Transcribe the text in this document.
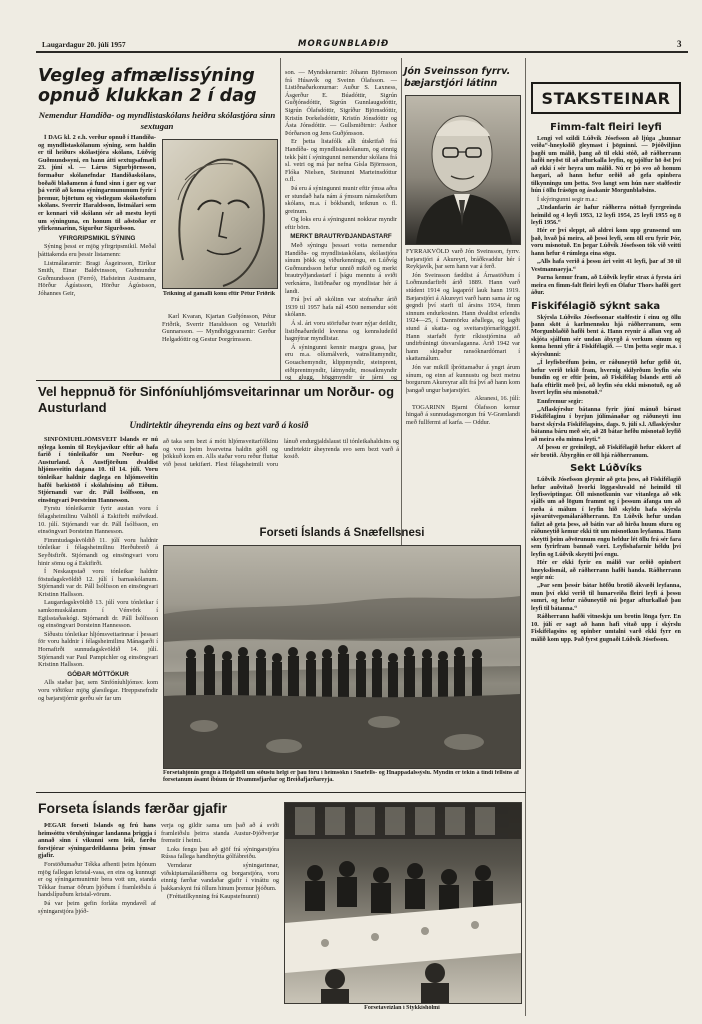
Laugardagur 20. júlí 1957	MORGUNBLAÐIÐ	3
Vegleg afmælissýning opnuð klukkan 2 í dag
Nemendur Handíða- og myndlistaskólans heiðra skólastjóra sinn sextugan

Í DAG kl. 2 e.h. verður opnuð í Handíða- og myndlistaskólanum sýning, sem haldin er til heiðurs skólastjóra skólans, Lúðvíg Guðmundssyni, en hann átti sextugsafmæli 23. júní sl. — Lárus Sigurbjörnsson, formaður skólanefndar Handíðaskólans, boðaði blaðamenn á fund sinn í gær og var þá verið að koma sýningarmununum fyrir í þremur, björtum og vistlegum skólastofum skólans. Sverrir Haraldsson, listmálari sem er kennari við skólann sér að mestu leyti um sýninguna, en honum til aðstoðar er yfirkennarinn, Sigurður Sigurðsson.

YFIRGRIPSMIKIL SÝNING

Sýning þessi er mjög yfirgripsmikil. Meðal þátttakenda eru þessir listamenn:

Listmálararnir: Bragi Ásgeirsson, Eiríkur Smith, Einar Baldvinsson, Guðmundur Guðmundsson (Ferró), Hafsteinn Austmann, Hörður Ágústsson, Hörður Ágústsson, Jóhannes Geir,	Teikning af gamalli konu eftir Pétur Friðrik

Karl Kvaran, Kjartan Guðjónsson, Pétur Friðrik, Sverrir Haraldsson og Veturliði Gunnarsson. — Myndhöggvararnir: Gerður Helgadóttir og Gestur Þorgrímsson.

son. — Myndskerarnir: Jóhann Björnsson frá Húsavík og Sveinn Ólafsson. — Listiðnaðarkonurnar: Auður S. Laxness, Ásgerður E. Búadóttir, Sigrún Guðjónsdóttir, Sigrún Gunnlaugsdóttir, Sigrún Ólafsdóttir, Sigríður Björnsdóttir, Kristín Þorkelsdóttir, Kristín Jónsdóttir og Ásta Jónsdóttir. — Gullsmiðirnir: Ásthor Þórðarson og Jens Guðjónsson.

Er þetta listafólk allt útskrifað frá Handíða- og myndlistaskólanum, og einnig tekk þátt í sýningunni nemendur skólans frá sl. vetri og má þar nefna Gísla Björnsson, Flóka Nielsen, Steinunni Marteinsdóttur o.fl.

Þá eru á sýningunni munir eftir ýmsa aðra er stundað hafa nám á ýmsum námskeiðum skólans, m.a. í bókbandi, teiknun o. fl. greinum.

Og loks eru á sýningunni nokkrar myndir eftir börn.

MERKT BRAUTRYÐJANDASTARF

Með sýningu þessari votta nemendur Handíða- og myndlistaskólans, skólastjóra sínum þökk og viðurkenningu, en Lúðvíg Guðmundsson hefur unnið mikið og merkt brautryðjandastarf í þágu menntu á sviði verknáms, listiðnaðar og myndlistar hér á landi.

Frá því að skólinn var stofnaður árið 1939 til 1957 hafa nál 4500 nemendur sótt skólann.

Á sl. ári voru störfuðar tvær nýjar deildir, listiðnaðardeild kvenna og kennsludeild hagnýtrar myndlistar.

Á sýningunni kennir margra grasa, þar eru m.a. olíumálverk, vatnslitamyndir, Gouachemyndir, klippmyndir, steinprent, eiðiprentmyndir, látmyndir, mosaikmyndir og glugg, höggmyndir úr járni og

Jón Sveinsson fyrrv. bæjarstjóri látinn

FYRRAKVÖLD varð Jón Sveinsson, fyrrv. bæjarstjóri á Akureyri, bráðkvaddur hér í Reykjavík, þar sem hann var á ferð.

Jón Sveinsson fæddist á Árnastöðum í Loðmundarfirði árið 1889. Hann varð stúdent 1914 og lagapróf lauk hann 1919. Bæjarstjóri á Akureyri varð hann sama ár og gegndi því starfi til ársins 1934, fimm sinnum endurkosinn. Hann dvaldist erlendis 1924—25, í Danmörku aðallega, og lagði stund á skatta- og sveitarstjórnarlöggjöf. Hann starfaði fyrir ríkisstjórnina að undirbúningi útsvarslaganna. Árið 1942 var hann skipaður ransóknardómari í skattamálum.

Jón var mikill íþróttamaður á yngri árum sínum, og einn af kunnustu og bezt metnu borgurum Akureyrar allt frá því að hann kom þangað ungur bæjarstjóri.

Akranesi, 16. júlí:

TOGARINN Bjarni Ólafsson kemur hingað á sunnudagsmorgun frá V-Grænlandi með fullfermi af karfa. — Oddur.

Vel heppnuð för Sinfóníuhljómsveitarinnar um Norður- og Austurland
Undirtektir áheyrenda eins og bezt varð á kosið

SINFÓNÍUHLJÓMSVEIT Íslands er nú nýlega komin til Reykjavíkur eftir að hafa farið í tónleikaför um Norður- og Austurland. Á Austfjörðum dvaldist hljómsveitin dagana 10. til 14. júlí. Voru tónleikar haldnir daglega en hljómsveitin hafði bækistöð í skólahúsinu að Eiðum. Stjórnandi var dr. Páll Ísólfsson, en einsöngvari Þorsteinn Hannesson.

Fyrstu tónleikarnir fyrir austan voru í félagsheimilinu Valhöll á Eskifirði miðvikud. 10. júlí. Stjórnandi var dr. Páll Ísólfsson, en einsöngvari Þorsteinn Hannesson.

Fimmtudagskvöldið 11. júlí voru haldnir tónleikar í félagsheimilinu Herðubreið á Seyðisfirði. Stjórnandi og einsöngvari voru hinir sömu og á Eskifirði.

Í Neskaupstað voru tónleikar haldnir föstudagskvöldið 12. júlí í barnaskólanum. Stjórnandi var dr. Páll Ísólfsson en einsöngvari Kristinn Hallsson.

Laugardagskvöldið 13. júlí voru tónleikar í samkomuskálanum í Vénvörk í Egilsstaðaskógi. Stjórnandi dr. Páll Ísólfsson og einsöngvari Þorsteinn Hannesson.

Síðustu tónleikar hljómsveitarinnar í þessari för voru haldnir í félagsheimilinu Mánagarði í Hornafirði sunnudagskvöldið 14. júlí. Stjórnandi var Paul Pampichler og einsöngvari Kristinn Hallsson.

GÓÐAR MÓTTÖKUR

Alls staðar þar, sem Sinfóníuhljómsv. kom voru viðtökur mjög glæsilegar. Hreppsnefndir og bæjarstjórnir gerðu sér far um

að taka sem bezt á móti hljómsveitarfólkinu og voru þeim hvarvetna haldin góðl og þökkuð kom en. Alls staðar voru reður fluttar við þessi tækifæri. Flest félagsheimili voru lánuð endurgjaldslaust til tónleikahaldsins og undirtektir áheyrenda svo sem bezt varð á kosið.

Forseti Íslands á Snæfellsnesi
Forsetahjónin gengu á Helgafell um síðustu helgi er þau fóru í heimsókn í Snæfells- og Hnappadalssýslu. Myndin er tekin á tindi fellsins af forsetanum ásamt íbúum úr Hvammsfjarðar og Breiðafjarðareyja.
Forseta Íslands færðar gjafir

ÞEGAR forseti Íslands og frú hans heimsóttu vöruhýningar landanna þriggja í annað sinn í vikunni sem leið, færðu forstjórar sýningardeildanna þeim ýmsar gjafir.

Forstöðumaður Tékka afhenti þeim hjónum mjög fallegan kristal-vasa, en eins og kunnugt er og sýningarmunirnir bera vott um, standa Tékkar framar öðrum þjóðum í framleiðslu á handslípuðum kristal-vörum.

Þá var þeim gefin forláta myndavél af sýningarstjóra þjóð-

verja og gildir sama um það að á sviði framleiðslu þeirra standa Austur-Þjóðverjar fremstir í heimi.

Loks fengu þau að gjöf frá sýningarstjóra Rússa fallega handhnýtta gólfábreiðu.

Verndarar sýningarinnar, viðskiptamálaráðherra og borgarstjóra, voru einnig færðar vandaðar gjafir í vináttu og þakkarskyni frá öllum hinum þremur þjóðum.

(Fréttatilkynning frá Kaupstefnunni)

Forsetaveizlan í Stykkishólmi
STAKSTEINAR
Fimm-falt fleiri leyfi

Lengi vel szildi Lúðvík Jósefsson að ljúga „hunnar veiða“-hneykslið gleymast í þögninni. — Þjóðviljinn þagði um málið, þang að til ekki stóð, að ráðherrann hafði neyðst til að afturkalla leyfin, og ujólfur hö ðst því að ekki í sér heyra um málið. Nú er þó svo að honum hægari, að hann hefur orðið að gefa opinbera tilkynningu um þetta. Svo langt sem hún nær staðfestir hún í öllu frásögn og ásakanir Morgunblaðsins.

Í skýringunni segir m.a.:

„Undanfarin ár hafur ráðherra nóttað fyrrgreinda heimild og 4 leyfi 1953, 12 leyfi 1954, 25 leyfi 1955 og 8 leyfi 1956.“

Hér er því sleppt, að aldrei kom upp grunsemd um það, hvað þá meira, að þessi leyfi, sem öll eru fyrir Þór, voru misnotuð. En þegar Lúðvík Jósefsson tók við veitti hann hefur 4 rúmlega eina sögu.

„Alls hafa verið á þessu ári veitt 41 leyfi, þar af 30 til Vestmannaeyja.“

Þarna kemur fram, að Lúðvík leyfir strax á fyrsta ári meira en fimm-falt fleiri leyfi en Ólafur Thors hafði gert áður.

Fiskifélagið sýknt saka

Skýrsla Lúðvíks Jósefssonar staðfestir í einu og öllu þann sköt á karlmennsku hjá ráðherranum, sem Morgunblaðið hafði bent á. Hann reynir á allan veg að skjóta sjálfum sér undan ábyrgð á verkum sínum og koma henni yfir á Fiskifélagið. — Um þetta segir m.a. í skýrslunni:

„Í leyfisbréfum þeim, er ráðuneytið hefur gefið út, hefur verið tekið fram, hvernig skilyrðum leyfin séu bundin og er eftir þeim, að Fiskifélag Íslands ætti að hafa eftirlit með því, að leyfin séu ekki misnotuð, og að hvert leyfin séu misnotuð.“

Ennfremur segir:

„Aflaskýrslur bátanna fyrir júní mánuð bárust Fiskifélaginu í byrjun júlímánaðar og ráðuneyti inu barst skýrsla Fiskifélagsins, dags. 9. júlí s.l. Aflaskýrslur bátanna báru með sér, að 28 bátar hefðu misnotað leyfið að meira eða minna leyti.“

Af þessu er greinilegt, að Fiskifélagið hefur ekkert af sér brotið. Ábyrgðin er öll hjá ráðherranum.

Sekt Lúðvíks

Lúðvík Jósefsson gleymir að geta þess, að Fiskifélagið hefur auðvitað hvorki löggæsluvald né heimild til leyfissviptingar. Öll misnotkunin var vitanlega að sök sjálfs um að lögum frammt og í þessum áfanga um að ræða á málum í leyfin hið skyldu hafa skýrsla sjávarútvegsmálaráðherrann. En Lúðvík hefur undan falizt að geta þess, að bátin var að hirða huum sfuru og ráðuneytið kemur ekki tít um misnotkun leyfanna. Hann skeytti þeim aðvörunum engu heldur lét öllu frá sér fara sem fyrirfram bannað væri. Leyfishafarnir héldu því leyfin og Lúðvík skeytti því engu.

Hér er ekki fyrir en málið var orðið opinbert hneykslismál, að ráðherrann hafði handa. Ráðherrann segir nú:

„Þar sem þessir bátar höfðu brotið ákvæði leyfanna, mun því ekki verið til hunarveiða fleiri leyfi á þessu sumri, og hefur ráðuneytið nú þegar afturkallað þau leyfi til bátanna.“

Ráðherrann hafði vitneskju um brotin lönga fyrr. En 10. júlí er sagt að hann hafi vitað upp í skýrslu Fiskifélagsins og opinber umtalni varð ekki fyrr en málið kom upp. Það fyrst gugnaði Lúðvík Jósefsson.
